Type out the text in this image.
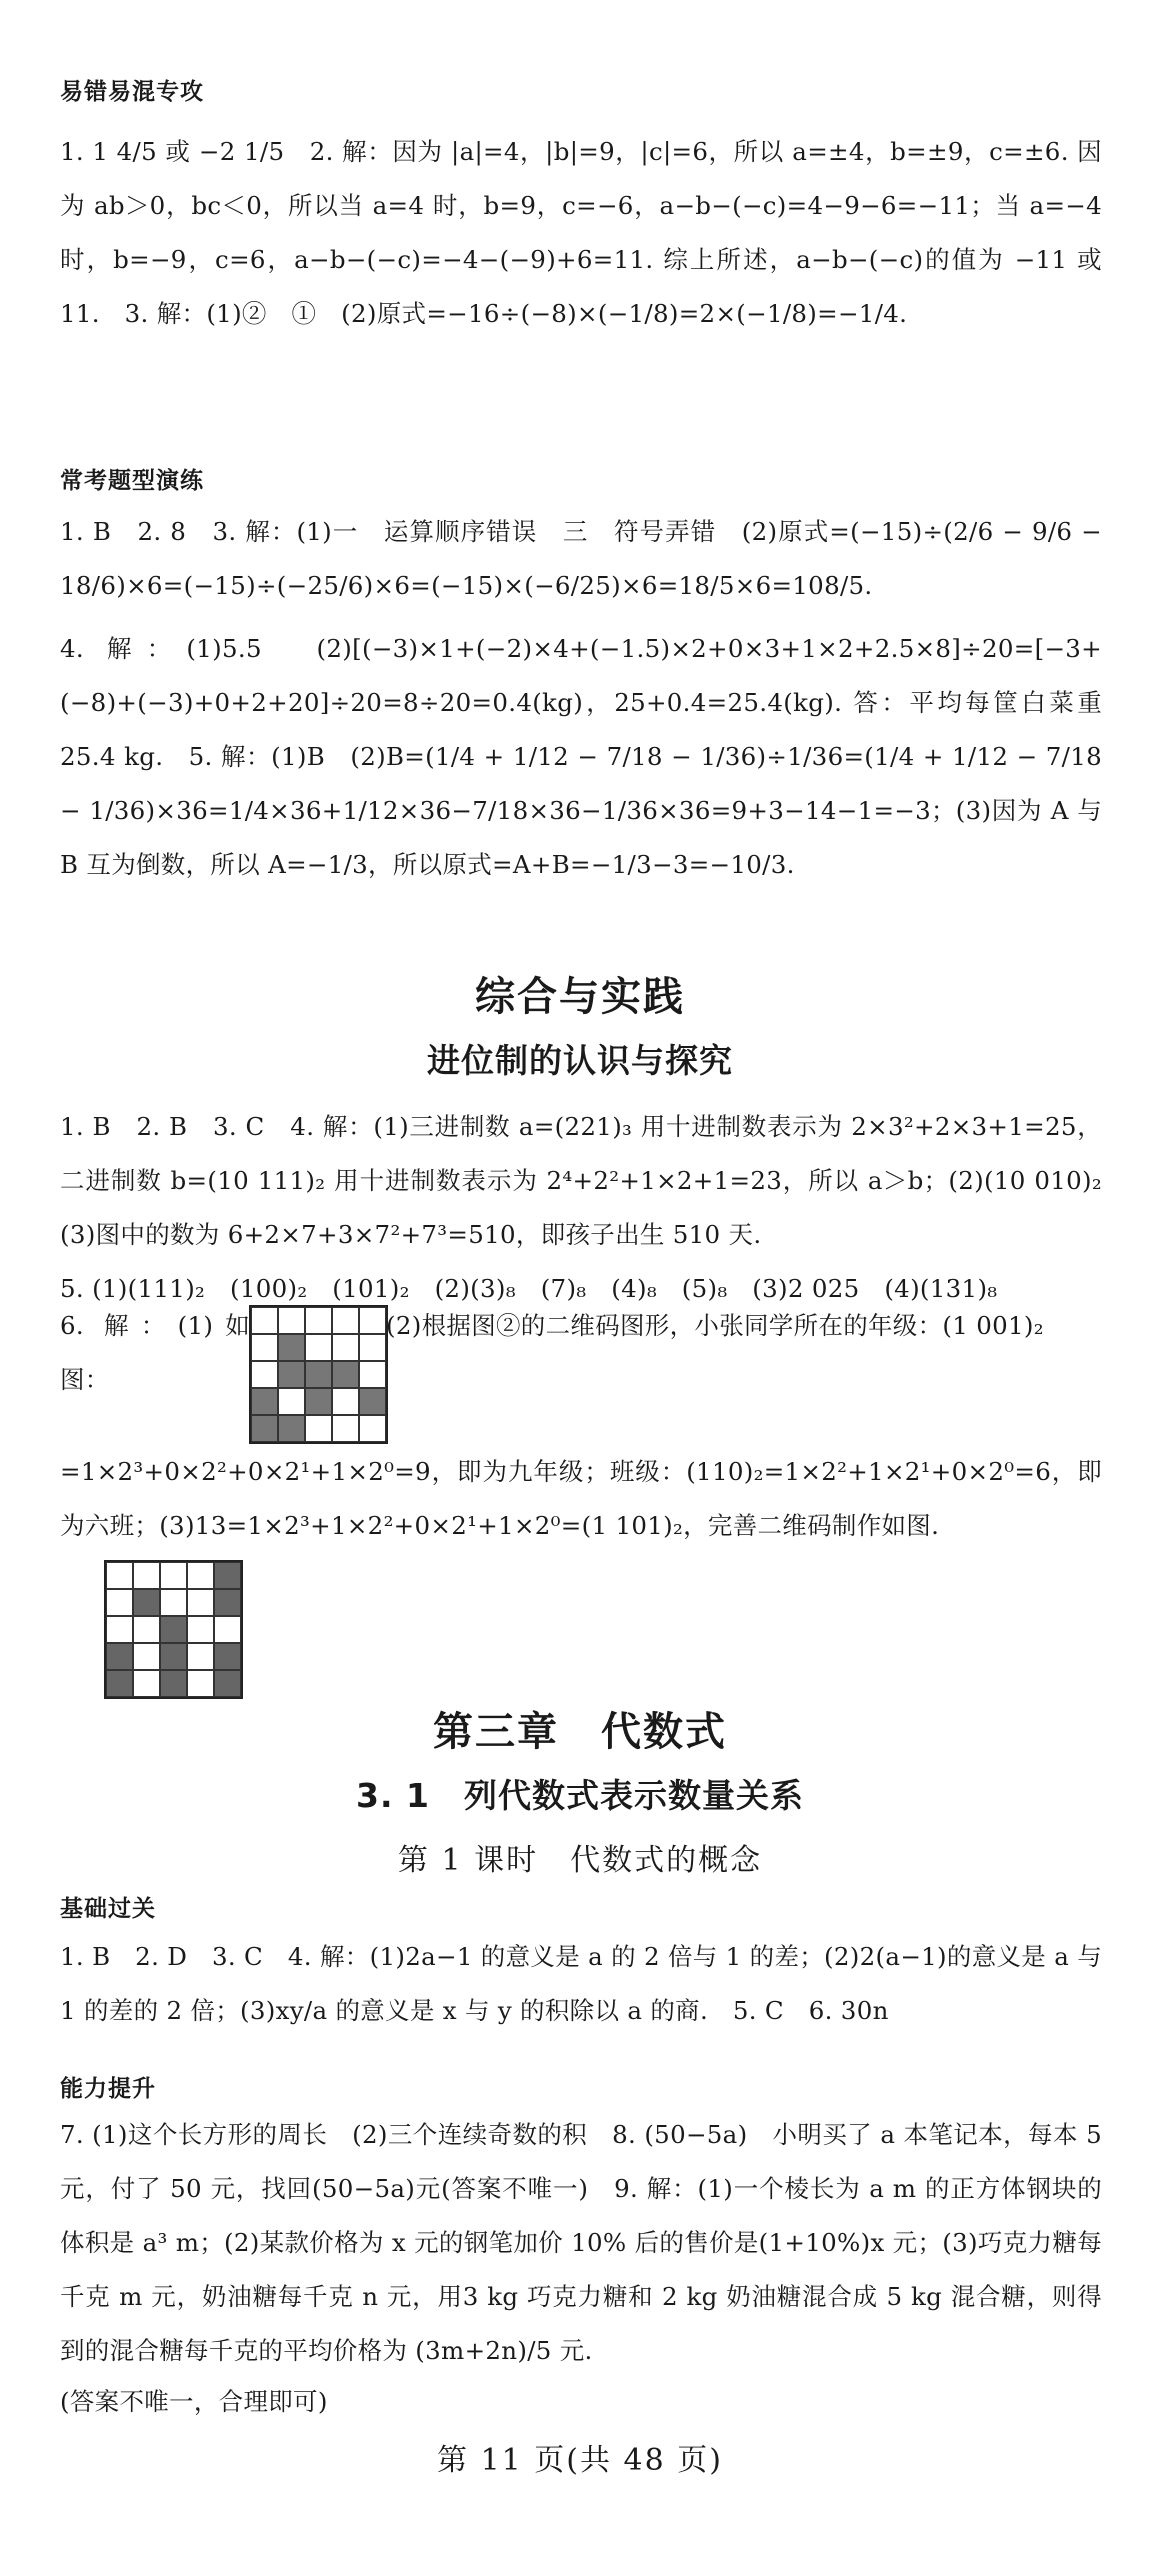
易错易混专攻
1. 1 4/5 或 −2 1/5　2. 解：因为 |a|=4，|b|=9，|c|=6，所以 a=±4，b=±9，c=±6. 因为 ab＞0，bc＜0，所以当 a=4 时，b=9，c=−6，a−b−(−c)=4−9−6=−11；当 a=−4 时，b=−9，c=6，a−b−(−c)=−4−(−9)+6=11. 综上所述，a−b−(−c)的值为 −11 或 11.　3. 解：(1)②　①　(2)原式=−16÷(−8)×(−1/8)=2×(−1/8)=−1/4.
常考题型演练
1. B　2. 8　3. 解：(1)一　运算顺序错误　三　符号弄错　(2)原式=(−15)÷(2/6 − 9/6 − 18/6)×6=(−15)÷(−25/6)×6=(−15)×(−6/25)×6=18/5×6=108/5.
4. 解：(1)5.5　(2)[(−3)×1+(−2)×4+(−1.5)×2+0×3+1×2+2.5×8]÷20=[−3+(−8)+(−3)+0+2+20]÷20=8÷20=0.4(kg)，25+0.4=25.4(kg). 答：平均每筐白菜重 25.4 kg.　5. 解：(1)B　(2)B=(1/4 + 1/12 − 7/18 − 1/36)÷1/36=(1/4 + 1/12 − 7/18 − 1/36)×36=1/4×36+1/12×36−7/18×36−1/36×36=9+3−14−1=−3；(3)因为 A 与 B 互为倒数，所以 A=−1/3，所以原式=A+B=−1/3−3=−10/3.
综合与实践
进位制的认识与探究
1. B　2. B　3. C　4. 解：(1)三进制数 a=(221)₃ 用十进制数表示为 2×3²+2×3+1=25，二进制数 b=(10 111)₂ 用十进制数表示为 2⁴+2²+1×2+1=23，所以 a＞b；(2)(10 010)₂　(3)图中的数为 6+2×7+3×7²+7³=510，即孩子出生 510 天.
5. (1)(111)₂　(100)₂　(101)₂　(2)(3)₈　(7)₈　(4)₈　(5)₈　(3)2 025　(4)(131)₈
6. 解：(1)如图：
(2)根据图②的二维码图形，小张同学所在的年级：(1 001)₂
=1×2³+0×2²+0×2¹+1×2⁰=9，即为九年级；班级：(110)₂=1×2²+1×2¹+0×2⁰=6，即为六班；(3)13=1×2³+1×2²+0×2¹+1×2⁰=(1 101)₂，完善二维码制作如图.
第三章　代数式
3. 1　列代数式表示数量关系
第 1 课时　代数式的概念
基础过关
1. B　2. D　3. C　4. 解：(1)2a−1 的意义是 a 的 2 倍与 1 的差；(2)2(a−1)的意义是 a 与 1 的差的 2 倍；(3)xy/a 的意义是 x 与 y 的积除以 a 的商.　5. C　6. 30n
能力提升
7. (1)这个长方形的周长　(2)三个连续奇数的积　8. (50−5a)　小明买了 a 本笔记本，每本 5 元，付了 50 元，找回(50−5a)元(答案不唯一)　9. 解：(1)一个棱长为 a m 的正方体钢块的体积是 a³ m；(2)某款价格为 x 元的钢笔加价 10% 后的售价是(1+10%)x 元；(3)巧克力糖每千克 m 元，奶油糖每千克 n 元，用3 kg 巧克力糖和 2 kg 奶油糖混合成 5 kg 混合糖，则得到的混合糖每千克的平均价格为 (3m+2n)/5 元.
(答案不唯一，合理即可)
第 11 页(共 48 页)
